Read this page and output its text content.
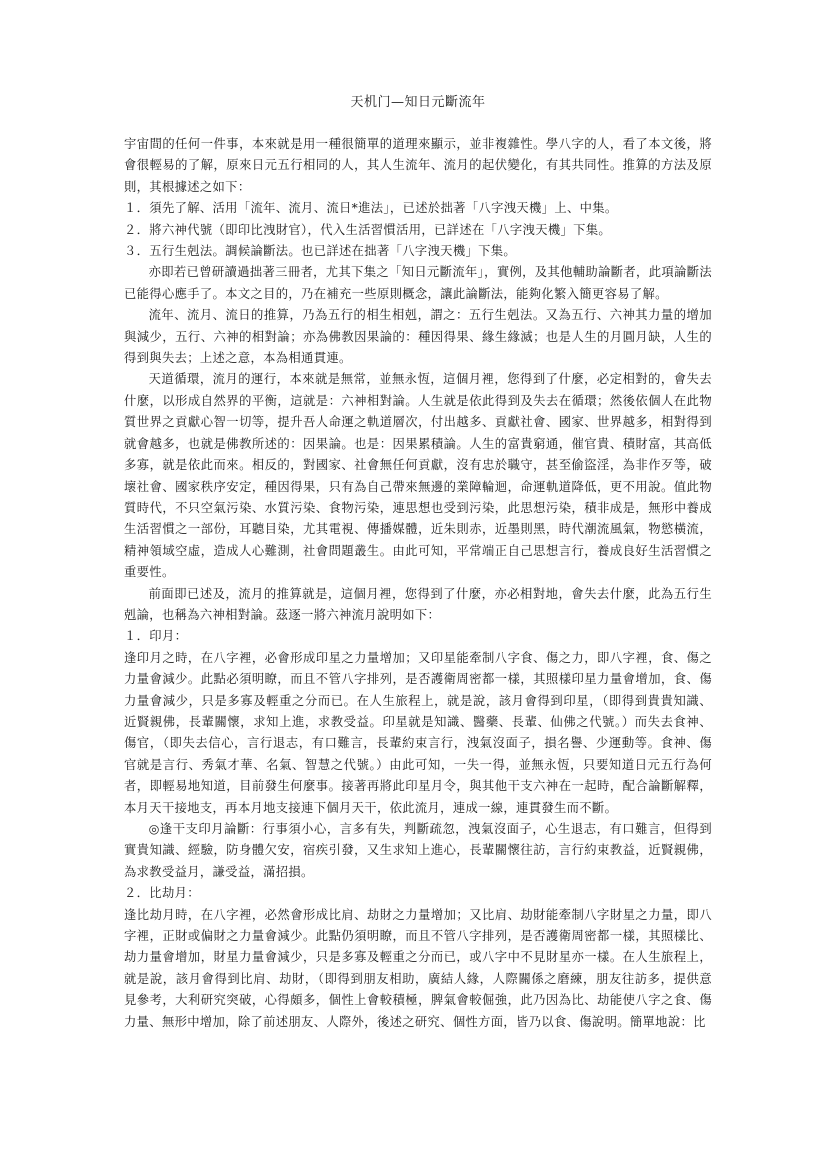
天机门—知日元斷流年

宇宙間的任何一件事，本來就是用一種很簡單的道理來顯示，並非複雜性。學八字的人，看了本文後，將會很輕易的了解，原來日元五行相同的人，其人生流年、流月的起伏變化，有其共同性。推算的方法及原則，其根據述之如下：

１．須先了解、活用「流年、流月、流日*進法」，已述於拙著「八字洩天機」上、中集。

２．將六神代號（即印比洩財官），代入生活習慣活用，已詳述在「八字洩天機」下集。

３．五行生剋法。調候論斷法。也已詳述在拙著「八字洩天機」下集。

亦即若已曾研讀過拙著三冊者，尤其下集之「知日元斷流年」，實例，及其他輔助論斷者，此項論斷法已能得心應手了。本文之目的，乃在補充一些原則概念，讓此論斷法，能夠化繁入簡更容易了解。

流年、流月、流日的推算，乃為五行的相生相剋，謂之：五行生剋法。又為五行、六神其力量的增加與減少，五行、六神的相對論；亦為佛教因果論的：種因得果、緣生緣滅；也是人生的月圓月缺，人生的得到與失去；上述之意，本為相通貫連。

天道循環，流月的運行，本來就是無常，並無永恆，這個月裡，您得到了什麼，必定相對的，會失去什麼，以形成自然界的平衡，這就是：六神相對論。人生就是依此得到及失去在循環；然後依個人在此物質世界之貢獻心智一切等，提升吾人命運之軌道層次，付出越多、貢獻社會、國家、世界越多，相對得到就會越多，也就是佛教所述的：因果論。也是：因果累積論。人生的富貴窮通，催官貴、積財富，其高低多寡，就是依此而來。相反的，對國家、社會無任何貢獻，沒有忠於職守，甚至偷盜淫，為非作歹等，破壞社會、國家秩序安定，種因得果，只有為自己帶來無邊的業障輪迴，命運軌道降低，更不用說。值此物質時代，不只空氣污染、水質污染、食物污染，連思想也受到污染，此思想污染，積非成是，無形中養成生活習慣之一部份，耳聽目染，尤其電視、傳播媒體，近朱則赤，近墨則黑，時代潮流風氣，物慾橫流，精神領域空虛，造成人心難測，社會問題叢生。由此可知，平常端正自己思想言行，養成良好生活習慣之重要性。

前面即已述及，流月的推算就是，這個月裡，您得到了什麼，亦必相對地，會失去什麼，此為五行生剋論，也稱為六神相對論。茲逐一將六神流月說明如下：

１．印月：

逢印月之時，在八字裡，必會形成印星之力量增加；又印星能牽制八字食、傷之力，即八字裡，食、傷之力量會減少。此點必須明瞭，而且不管八字排列，是否護衛周密都一樣，其照樣印星力量會增加，食、傷力量會減少，只是多寡及輕重之分而已。在人生旅程上，就是說，該月會得到印星，（即得到貴貴知識、近賢親佛，長輩關懷，求知上進，求教受益。印星就是知識、醫藥、長輩、仙佛之代號。）而失去食神、傷官，（即失去信心，言行退志，有口難言，長輩約束言行，洩氣沒面子，損名譽、少運動等。食神、傷官就是言行、秀氣才華、名氣、智慧之代號。）由此可知，一失一得，並無永恆，只要知道日元五行為何者，即輕易地知道，目前發生何麼事。接著再將此印星月令，與其他干支六神在一起時，配合論斷解釋，本月天干接地支，再本月地支接連下個月天干，依此流月，連成一線，連貫發生而不斷。

◎逢干支印月論斷：行事須小心，言多有失，判斷疏忽，洩氣沒面子，心生退志，有口難言，但得到實貴知識、經驗，防身體欠安，宿疾引發，又生求知上進心，長輩關懷往訪，言行約束教益，近賢親佛，為求教受益月，謙受益，滿招損。

２．比劫月：

逢比劫月時，在八字裡，必然會形成比肩、劫財之力量增加；又比肩、劫財能牽制八字財星之力量，即八字裡，正財或偏財之力量會減少。此點仍須明瞭，而且不管八字排列，是否護衛周密都一樣，其照樣比、劫力量會增加，財星力量會減少，只是多寡及輕重之分而已，或八字中不見財星亦一樣。在人生旅程上，就是說，該月會得到比肩、劫財，（即得到朋友相助，廣結人緣，人際關係之磨練，朋友往訪多，提供意見參考，大利研究突破，心得頗多，個性上會較積極，脾氣會較倔強，此乃因為比、劫能使八字之食、傷力量、無形中增加，除了前述朋友、人際外，後述之研究、個性方面，皆乃以食、傷說明。簡單地說：比
